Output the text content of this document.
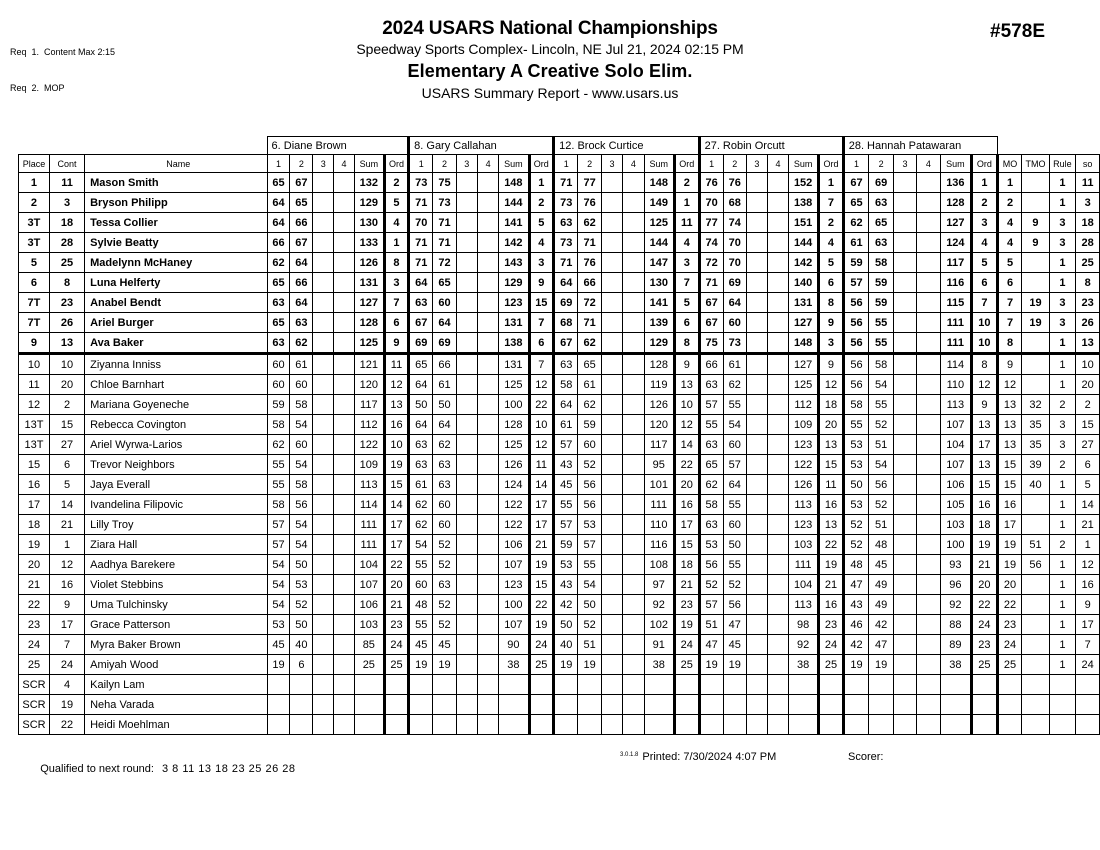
Req  1.  Content Max 2:15

Req  2.  MOP

2024 USARS National Championships
Speedway Sports Complex- Lincoln, NE Jul 21, 2024 02:15 PM
Elementary A Creative Solo Elim.
USARS Summary Report - www.usars.us
#578E
			6. Diane Brown						8. Gary Callahan						12. Brock Curtice						27. Robin Orcutt						28. Hannah Patawaran									
Place	Cont	Name	1	2	3	4	Sum	Ord	1	2	3	4	Sum	Ord	1	2	3	4	Sum	Ord	1	2	3	4	Sum	Ord	1	2	3	4	Sum	Ord	MO	TMO	Rule	so
1	11	Mason Smith	65	67			132	2	73	75			148	1	71	77			148	2	76	76			152	1	67	69			136	1	1		1	11
2	3	Bryson Philipp	64	65			129	5	71	73			144	2	73	76			149	1	70	68			138	7	65	63			128	2	2		1	3
3T	18	Tessa Collier	64	66			130	4	70	71			141	5	63	62			125	11	77	74			151	2	62	65			127	3	4	9	3	18
3T	28	Sylvie Beatty	66	67			133	1	71	71			142	4	73	71			144	4	74	70			144	4	61	63			124	4	4	9	3	28
5	25	Madelynn McHaney	62	64			126	8	71	72			143	3	71	76			147	3	72	70			142	5	59	58			117	5	5		1	25
6	8	Luna Helferty	65	66			131	3	64	65			129	9	64	66			130	7	71	69			140	6	57	59			116	6	6		1	8
7T	23	Anabel Bendt	63	64			127	7	63	60			123	15	69	72			141	5	67	64			131	8	56	59			115	7	7	19	3	23
7T	26	Ariel Burger	65	63			128	6	67	64			131	7	68	71			139	6	67	60			127	9	56	55			111	10	7	19	3	26
9	13	Ava Baker	63	62			125	9	69	69			138	6	67	62			129	8	75	73			148	3	56	55			111	10	8		1	13
10	10	Ziyanna Inniss	60	61			121	11	65	66			131	7	63	65			128	9	66	61			127	9	56	58			114	8	9		1	10
11	20	Chloe Barnhart	60	60			120	12	64	61			125	12	58	61			119	13	63	62			125	12	56	54			110	12	12		1	20
12	2	Mariana Goyeneche	59	58			117	13	50	50			100	22	64	62			126	10	57	55			112	18	58	55			113	9	13	32	2	2
13T	15	Rebecca Covington	58	54			112	16	64	64			128	10	61	59			120	12	55	54			109	20	55	52			107	13	13	35	3	15
13T	27	Ariel Wyrwa-Larios	62	60			122	10	63	62			125	12	57	60			117	14	63	60			123	13	53	51			104	17	13	35	3	27
15	6	Trevor Neighbors	55	54			109	19	63	63			126	11	43	52			95	22	65	57			122	15	53	54			107	13	15	39	2	6
16	5	Jaya Everall	55	58			113	15	61	63			124	14	45	56			101	20	62	64			126	11	50	56			106	15	15	40	1	5
17	14	Ivandelina Filipovic	58	56			114	14	62	60			122	17	55	56			111	16	58	55			113	16	53	52			105	16	16		1	14
18	21	Lilly Troy	57	54			111	17	62	60			122	17	57	53			110	17	63	60			123	13	52	51			103	18	17		1	21
19	1	Ziara Hall	57	54			111	17	54	52			106	21	59	57			116	15	53	50			103	22	52	48			100	19	19	51	2	1
20	12	Aadhya Barekere	54	50			104	22	55	52			107	19	53	55			108	18	56	55			111	19	48	45			93	21	19	56	1	12
21	16	Violet Stebbins	54	53			107	20	60	63			123	15	43	54			97	21	52	52			104	21	47	49			96	20	20		1	16
22	9	Uma Tulchinsky	54	52			106	21	48	52			100	22	42	50			92	23	57	56			113	16	43	49			92	22	22		1	9
23	17	Grace Patterson	53	50			103	23	55	52			107	19	50	52			102	19	51	47			98	23	46	42			88	24	23		1	17
24	7	Myra Baker Brown	45	40			85	24	45	45			90	24	40	51			91	24	47	45			92	24	42	47			89	23	24		1	7
25	24	Amiyah Wood	19	6			25	25	19	19			38	25	19	19			38	25	19	19			38	25	19	19			38	25	25		1	24
SCR	4	Kailyn Lam																																		
SCR	19	Neha Varada																																		
SCR	22	Heidi Moehlman																																		

Qualified to next round: 3 8 11 13 18 23 25 26 28

$^{3.0.1.8}$ Printed: 7/30/2024 4:07 PM	Scorer:
